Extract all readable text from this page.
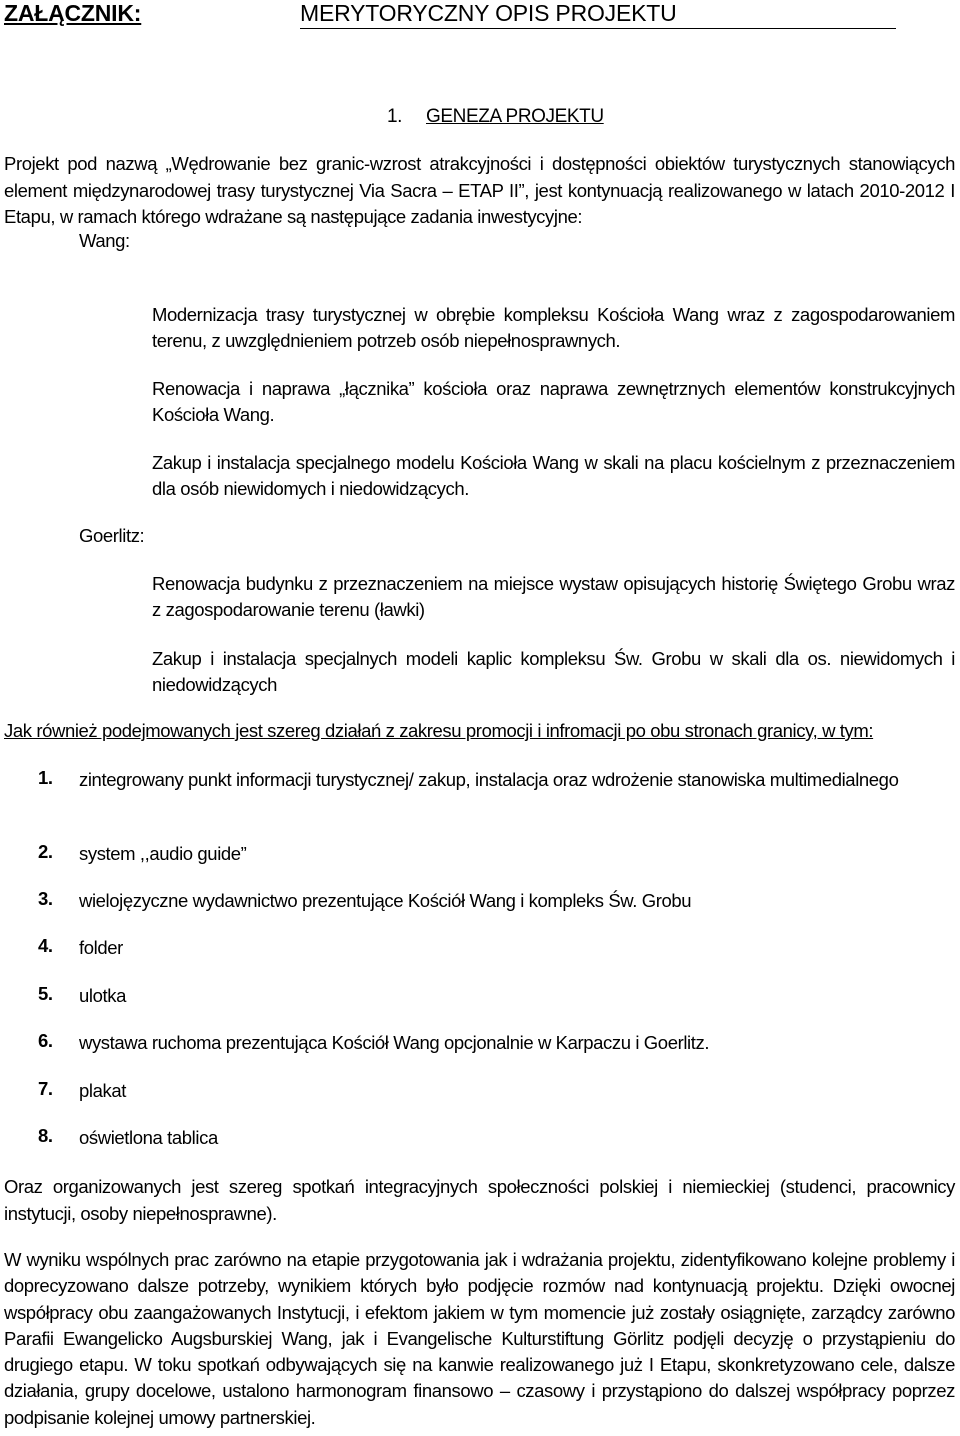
ZAŁĄCZNIK:	MERYTORYCZNY OPIS PROJEKTU
1. GENEZA PROJEKTU
Projekt pod nazwą „Wędrowanie bez granic-wzrost atrakcyjności i dostępności obiektów turystycznych stanowiących element międzynarodowej trasy turystycznej Via Sacra – ETAP II”, jest kontynuacją realizowanego w latach 2010-2012 I Etapu, w ramach którego wdrażane są następujące zadania inwestycyjne:
Wang:
Modernizacja trasy turystycznej w obrębie kompleksu Kościoła Wang wraz z zagospodarowaniem terenu, z uwzględnieniem potrzeb osób niepełnosprawnych.
Renowacja i naprawa „łącznika” kościoła oraz naprawa zewnętrznych elementów konstrukcyjnych Kościoła Wang.
Zakup i instalacja specjalnego modelu Kościoła Wang w skali na placu kościelnym z przeznaczeniem dla osób niewidomych i niedowidzących.
Goerlitz:
Renowacja budynku z przeznaczeniem na miejsce wystaw opisujących historię Świętego Grobu wraz z zagospodarowanie terenu (ławki)
Zakup i instalacja specjalnych modeli kaplic kompleksu Św. Grobu w skali dla os. niewidomych i niedowidzących
Jak również podejmowanych jest szereg działań z zakresu promocji i infromacji po obu stronach granicy, w tym:
1. zintegrowany punkt informacji turystycznej/ zakup, instalacja oraz wdrożenie stanowiska multimedialnego
2. system ,,audio guide”
3. wielojęzyczne wydawnictwo prezentujące Kościół Wang i kompleks Św. Grobu
4. folder
5. ulotka
6. wystawa ruchoma prezentująca Kościół Wang opcjonalnie w Karpaczu i Goerlitz.
7. plakat
8. oświetlona tablica
Oraz organizowanych jest szereg spotkań integracyjnych społeczności polskiej i niemieckiej (studenci, pracownicy instytucji, osoby niepełnosprawne).
W wyniku wspólnych prac zarówno na etapie przygotowania jak i wdrażania projektu, zidentyfikowano kolejne problemy i doprecyzowano dalsze potrzeby, wynikiem których było podjęcie rozmów nad kontynuacją projektu. Dzięki owocnej współpracy obu zaangażowanych Instytucji, i efektom jakiem w tym momencie już zostały osiągnięte, zarządcy zarówno Parafii Ewangelicko Augsburskiej Wang, jak i Evangelische Kulturstiftung Görlitz podjęli decyzję o przystąpieniu do drugiego etapu. W toku spotkań odbywających się na kanwie realizowanego już I Etapu, skonkretyzowano cele, dalsze działania, grupy docelowe, ustalono harmonogram finansowo – czasowy i przystąpiono do dalszej współpracy poprzez podpisanie kolejnej umowy partnerskiej.
